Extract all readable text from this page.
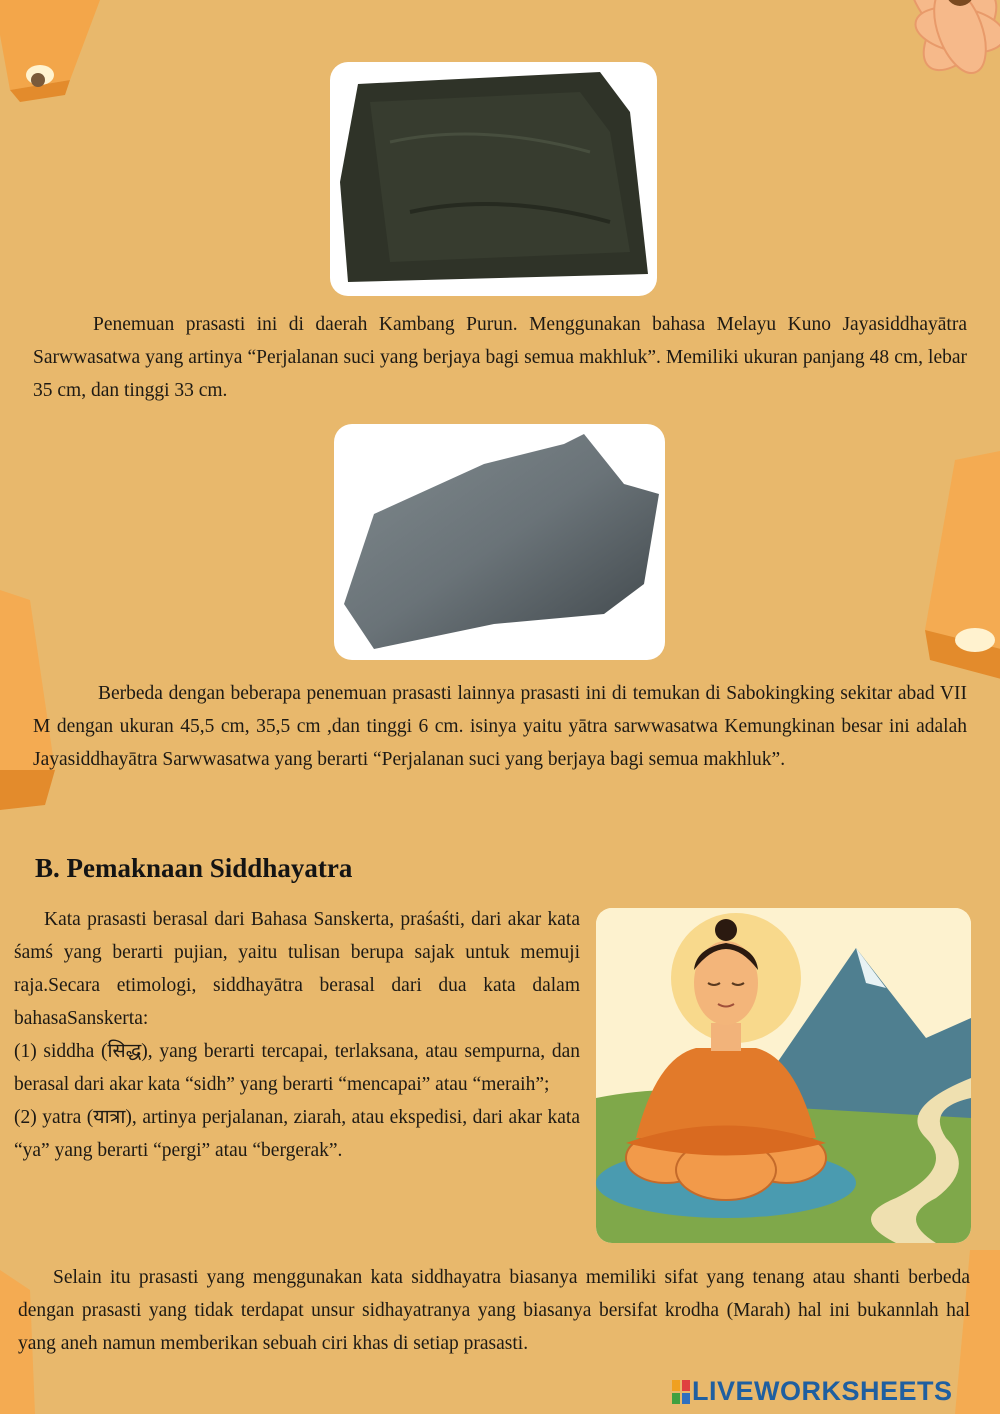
Penemuan prasasti ini di daerah Kambang Purun. Menggunakan bahasa Melayu Kuno Jayasiddhayātra Sarwwasatwa yang artinya “Perjalanan suci yang berjaya bagi semua makhluk”. Memiliki ukuran panjang 48 cm, lebar 35 cm, dan tinggi 33 cm.

Berbeda dengan beberapa penemuan prasasti lainnya prasasti ini di temukan di Sabokingking sekitar abad VII M dengan ukuran 45,5 cm, 35,5 cm ,dan tinggi 6 cm. isinya yaitu yātra sarwwasatwa Kemungkinan besar ini adalah Jayasiddhayātra Sarwwasatwa yang berarti “Perjalanan suci yang berjaya bagi semua makhluk”.

B. Pemaknaan Siddhayatra
Kata prasasti berasal dari Bahasa Sanskerta, praśaśti, dari akar kata śamś yang berarti pujian, yaitu tulisan berupa sajak untuk memuji raja.Secara etimologi, siddhayātra berasal dari dua kata dalam bahasaSanskerta:
(1) siddha (सिद्ध), yang berarti tercapai, terlaksana, atau sempurna, dan berasal dari akar kata “sidh” yang berarti “mencapai” atau “meraih”;
(2) yatra (यात्रा), artinya perjalanan, ziarah, atau ekspedisi, dari akar kata “ya” yang berarti “pergi” atau “bergerak”.

Selain itu prasasti yang menggunakan kata siddhayatra biasanya memiliki sifat yang tenang atau shanti berbeda dengan prasasti yang tidak terdapat unsur sidhayatranya yang biasanya bersifat krodha (Marah) hal ini bukannlah hal yang aneh namun memberikan sebuah ciri khas di setiap prasasti.

LIVEWORKSHEETS
